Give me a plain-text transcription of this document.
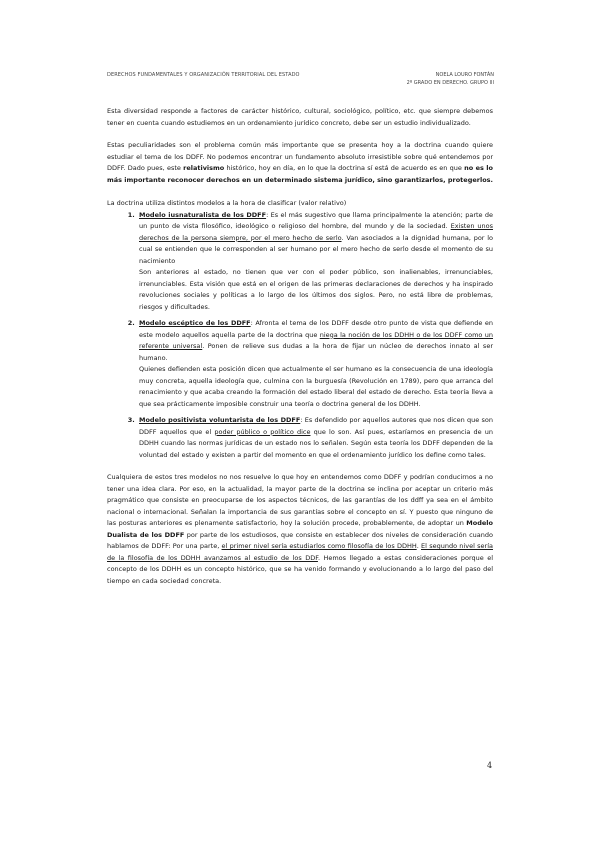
DERECHOS FUNDAMENTALES Y ORGANIZACIÓN TERRITORIAL DEL ESTADO	NOELA LOURO FONTÁN
2º GRADO EN DERECHO. GRUPO III

Esta diversidad responde a factores de carácter histórico, cultural, sociológico, político, etc. que siempre debemos tener en cuenta cuando estudiemos en un ordenamiento jurídico concreto, debe ser un estudio individualizado.

Estas peculiaridades son el problema común más importante que se presenta hoy a la doctrina cuando quiere estudiar el tema de los DDFF. No podemos encontrar un fundamento absoluto irresistible sobre qué entendemos por DDFF. Dado pues, este relativismo histórico, hoy en día, en lo que la doctrina sí está de acuerdo es en que no es lo más importante reconocer derechos en un determinado sistema jurídico, sino garantizarlos, protegerlos.

La doctrina utiliza distintos modelos a la hora de clasificar (valor relativo)

1. Modelo iusnaturalista de los DDFF: Es el más sugestivo que llama principalmente la atención; parte de un punto de vista filosófico, ideológico o religioso del hombre, del mundo y de la sociedad. Existen unos derechos de la persona siempre, por el mero hecho de serlo. Van asociados a la dignidad humana, por lo cual se entienden que le corresponden al ser humano por el mero hecho de serlo desde el momento de su nacimiento

Son anteriores al estado, no tienen que ver con el poder público, son inalienables, irrenunciables, irrenunciables. Esta visión que está en el origen de las primeras declaraciones de derechos y ha inspirado revoluciones sociales y políticas a lo largo de los últimos dos siglos. Pero, no está libre de problemas, riesgos y dificultades.

2. Modelo escéptico de los DDFF: Afronta el tema de los DDFF desde otro punto de vista que defiende en este modelo aquellos aquella parte de la doctrina que niega la noción de los DDHH o de los DDFF como un referente universal. Ponen de relieve sus dudas a la hora de fijar un núcleo de derechos innato al ser humano.

Quienes defienden esta posición dicen que actualmente el ser humano es la consecuencia de una ideología muy concreta, aquella ideología que, culmina con la burguesía (Revolución en 1789), pero que arranca del renacimiento y que acaba creando la formación del estado liberal del estado de derecho. Esta teoría lleva a que sea prácticamente imposible construir una teoría o doctrina general de los DDHH.

3. Modelo positivista voluntarista de los DDFF: Es defendido por aquellos autores que nos dicen que son DDFF aquellos que el poder público o político dice que lo son. Así pues, estaríamos en presencia de un DDHH cuando las normas jurídicas de un estado nos lo señalen. Según esta teoría los DDFF dependen de la voluntad del estado y existen a partir del momento en que el ordenamiento jurídico los define como tales.

Cualquiera de estos tres modelos no nos resuelve lo que hoy en entendemos como DDFF y podrían conducirnos a no tener una idea clara. Por eso, en la actualidad, la mayor parte de la doctrina se inclina por aceptar un criterio más pragmático que consiste en preocuparse de los aspectos técnicos, de las garantías de los ddff ya sea en el ámbito nacional o internacional. Señalan la importancia de sus garantías sobre el concepto en sí. Y puesto que ninguno de las posturas anteriores es plenamente satisfactorio, hoy la solución procede, probablemente, de adoptar un Modelo Dualista de los DDFF por parte de los estudiosos, que consiste en establecer dos niveles de consideración cuando hablamos de DDFF: Por una parte, el primer nivel sería estudiarlos como filosofía de los DDHH. El segundo nivel sería de la filosofía de los DDHH avanzamos al estudio de los DDF. Hemos llegado a estas consideraciones porque el concepto de los DDHH es un concepto histórico, que se ha venido formando y evolucionando a lo largo del paso del tiempo en cada sociedad concreta.

4
